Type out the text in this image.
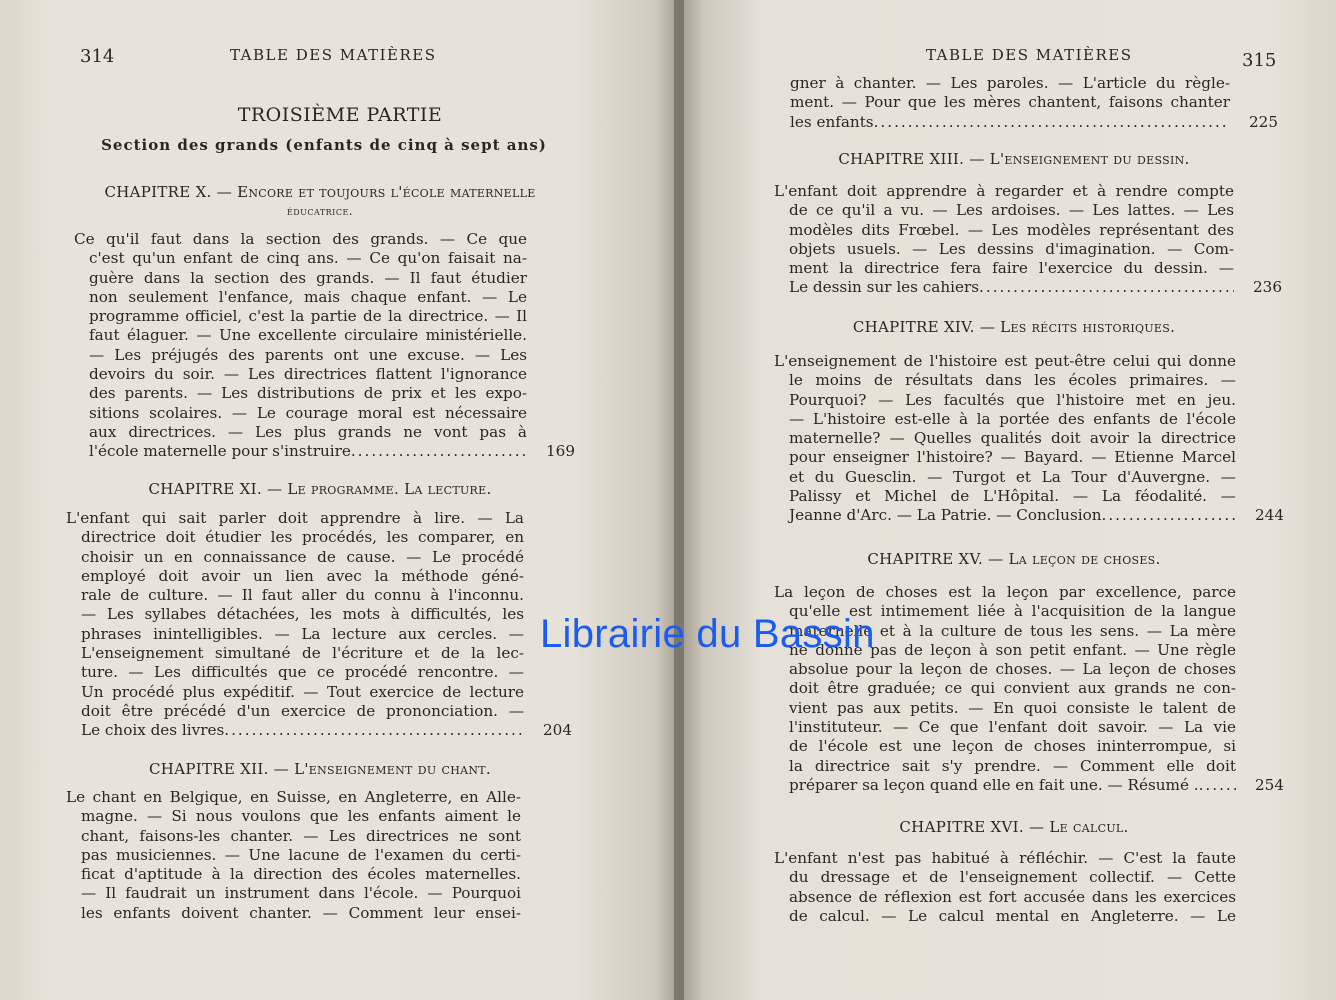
314	TABLE DES MATIÈRES
TROISIÈME PARTIE
Section des grands (enfants de cinq à sept ans)
CHAPITRE X. — Encore et toujours l'école maternelle
éducatrice.
Ce qu'il faut dans la section des grands. — Ce que
c'est qu'un enfant de cinq ans. — Ce qu'on faisait na-
guère dans la section des grands. — Il faut étudier
non seulement l'enfance, mais chaque enfant. — Le
programme officiel, c'est la partie de la directrice. — Il
faut élaguer. — Une excellente circulaire ministérielle.
— Les préjugés des parents ont une excuse. — Les
devoirs du soir. — Les directrices flattent l'ignorance
des parents. — Les distributions de prix et les expo-
sitions scolaires. — Le courage moral est nécessaire
aux directrices. — Les plus grands ne vont pas à
l'école maternelle pour s'instruire .....	169
CHAPITRE XI. — Le programme. La lecture.
L'enfant qui sait parler doit apprendre à lire. — La
directrice doit étudier les procédés, les comparer, en
choisir un en connaissance de cause. — Le procédé
employé doit avoir un lien avec la méthode géné-
rale de culture. — Il faut aller du connu à l'inconnu.
— Les syllabes détachées, les mots à difficultés, les
phrases inintelligibles. — La lecture aux cercles. —
L'enseignement simultané de l'écriture et de la lec-
ture. — Les difficultés que ce procédé rencontre. —
Un procédé plus expéditif. — Tout exercice de lecture
doit être précédé d'un exercice de prononciation. —
Le choix des livres .....	204
CHAPITRE XII. — L'enseignement du chant.
Le chant en Belgique, en Suisse, en Angleterre, en Alle-
magne. — Si nous voulons que les enfants aiment le
chant, faisons-les chanter. — Les directrices ne sont
pas musiciennes. — Une lacune de l'examen du certi-
ficat d'aptitude à la direction des écoles maternelles.
— Il faudrait un instrument dans l'école. — Pourquoi
les enfants doivent chanter. — Comment leur ensei-
TABLE DES MATIÈRES	315
gner à chanter. — Les paroles. — L'article du règle-
ment. — Pour que les mères chantent, faisons chanter
les enfants .....	225
CHAPITRE XIII. — L'enseignement du dessin.
L'enfant doit apprendre à regarder et à rendre compte
de ce qu'il a vu. — Les ardoises. — Les lattes. — Les
modèles dits Frœbel. — Les modèles représentant des
objets usuels. — Les dessins d'imagination. — Com-
ment la directrice fera faire l'exercice du dessin. —
Le dessin sur les cahiers .....	236
CHAPITRE XIV. — Les récits historiques.
L'enseignement de l'histoire est peut-être celui qui donne
le moins de résultats dans les écoles primaires. —
Pourquoi? — Les facultés que l'histoire met en jeu.
— L'histoire est-elle à la portée des enfants de l'école
maternelle? — Quelles qualités doit avoir la directrice
pour enseigner l'histoire? — Bayard. — Etienne Marcel
et du Guesclin. — Turgot et La Tour d'Auvergne. —
Palissy et Michel de L'Hôpital. — La féodalité. —
Jeanne d'Arc. — La Patrie. — Conclusion .....	244
CHAPITRE XV. — La leçon de choses.
La leçon de choses est la leçon par excellence, parce
qu'elle est intimement liée à l'acquisition de la langue
maternelle et à la culture de tous les sens. — La mère
ne donne pas de leçon à son petit enfant. — Une règle
absolue pour la leçon de choses. — La leçon de choses
doit être graduée; ce qui convient aux grands ne con-
vient pas aux petits. — En quoi consiste le talent de
l'instituteur. — Ce que l'enfant doit savoir. — La vie
de l'école est une leçon de choses ininterrompue, si
la directrice sait s'y prendre. — Comment elle doit
préparer sa leçon quand elle en fait une. — Résumé . .....	254
CHAPITRE XVI. — Le calcul.
L'enfant n'est pas habitué à réfléchir. — C'est la faute
du dressage et de l'enseignement collectif. — Cette
absence de réflexion est fort accusée dans les exercices
de calcul. — Le calcul mental en Angleterre. — Le
Librairie du Bassin
